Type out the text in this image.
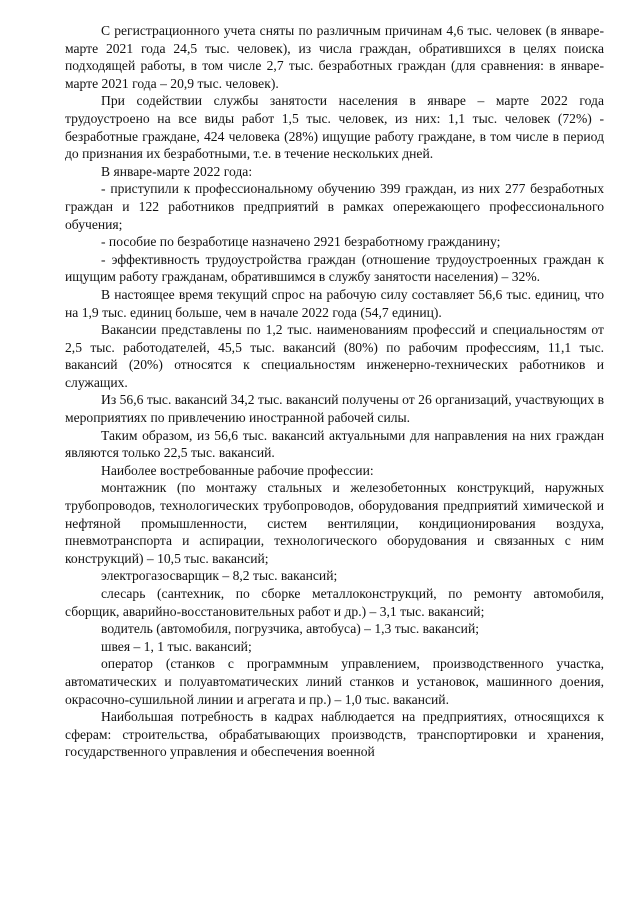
С регистрационного учета сняты по различным причинам 4,6 тыс. человек (в январе-марте 2021 года 24,5 тыс. человек), из числа граждан, обратившихся в целях поиска подходящей работы, в том числе 2,7 тыс. безработных граждан (для сравнения: в январе-марте 2021 года – 20,9 тыс. человек).

При содействии службы занятости населения в январе – марте 2022 года трудоустроено на все виды работ 1,5 тыс. человек, из них: 1,1 тыс. человек (72%) - безработные граждане, 424 человека (28%) ищущие работу граждане, в том числе в период до признания их безработными, т.е. в течение нескольких дней.

В январе-марте 2022 года:

- приступили к профессиональному обучению 399 граждан, из них 277 безработных граждан и 122 работников предприятий в рамках опережающего профессионального обучения;

- пособие по безработице назначено 2921 безработному гражданину;

- эффективность трудоустройства граждан (отношение трудоустроенных граждан к ищущим работу гражданам, обратившимся в службу занятости населения) – 32%.

В настоящее время текущий спрос на рабочую силу составляет 56,6 тыс. единиц, что на 1,9 тыс. единиц больше, чем в начале 2022 года (54,7 единиц).

Вакансии представлены по 1,2 тыс. наименованиям профессий и специальностям от 2,5 тыс. работодателей, 45,5 тыс. вакансий (80%) по рабочим профессиям, 11,1 тыс. вакансий (20%) относятся к специальностям инженерно-технических работников и служащих.

Из 56,6 тыс. вакансий 34,2 тыс. вакансий получены от 26 организаций, участвующих в мероприятиях по привлечению иностранной рабочей силы.

Таким образом, из 56,6 тыс. вакансий актуальными для направления на них граждан являются только 22,5 тыс. вакансий.

Наиболее востребованные рабочие профессии:

монтажник (по монтажу стальных и железобетонных конструкций, наружных трубопроводов, технологических трубопроводов, оборудования предприятий химической и нефтяной промышленности, систем вентиляции, кондиционирования воздуха, пневмотранспорта и аспирации, технологического оборудования и связанных с ним конструкций) – 10,5 тыс. вакансий;

электрогазосварщик – 8,2 тыс. вакансий;

слесарь (сантехник, по сборке металлоконструкций, по ремонту автомобиля, сборщик, аварийно-восстановительных работ и др.) – 3,1 тыс. вакансий;

водитель (автомобиля, погрузчика, автобуса) – 1,3 тыс. вакансий;

швея – 1, 1 тыс. вакансий;

оператор (станков с программным управлением, производственного участка, автоматических и полуавтоматических линий станков и установок, машинного доения, окрасочно-сушильной линии и агрегата и пр.) – 1,0 тыс. вакансий.

Наибольшая потребность в кадрах наблюдается на предприятиях, относящихся к сферам: строительства, обрабатывающих производств, транспортировки и хранения, государственного управления и обеспечения военной
